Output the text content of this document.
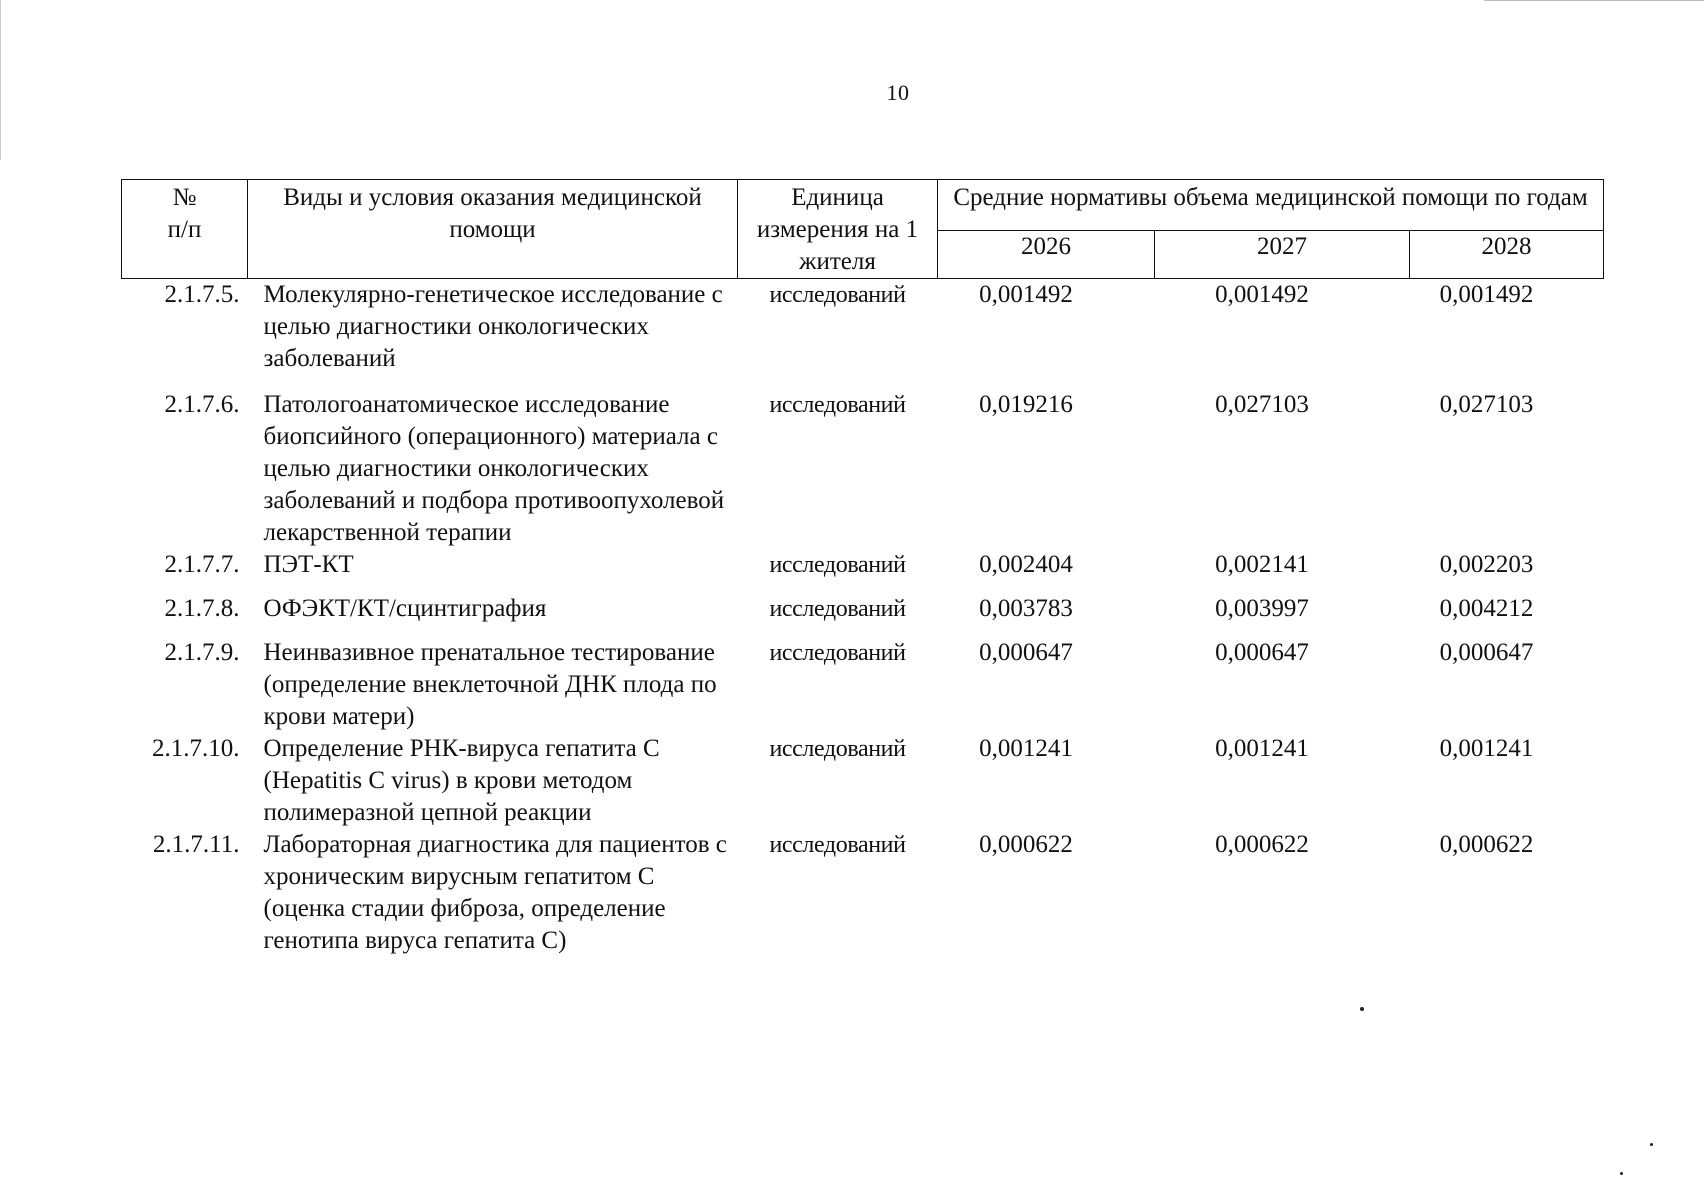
10
№
п/п	Виды и условия оказания медицинской помощи	Единица измерения на 1 жителя	Средние нормативы объема медицинской помощи по годам		
			2026	2027	2028
2.1.7.5.	Молекулярно-генетическое исследование с целью диагностики онкологических заболеваний	исследований	0,001492	0,001492	0,001492
2.1.7.6.	Патологоанатомическое исследование биопсийного (операционного) материала с целью диагностики онкологических заболеваний и подбора противоопухолевой лекарственной терапии	исследований	0,019216	0,027103	0,027103
2.1.7.7.	ПЭТ-КТ	исследований	0,002404	0,002141	0,002203
2.1.7.8.	ОФЭКТ/КТ/сцинтиграфия	исследований	0,003783	0,003997	0,004212
2.1.7.9.	Неинвазивное пренатальное тестирование (определение внеклеточной ДНК плода по крови матери)	исследований	0,000647	0,000647	0,000647
2.1.7.10.	Определение РНК-вируса гепатита C (Hepatitis C virus) в крови методом полимеразной цепной реакции	исследований	0,001241	0,001241	0,001241
2.1.7.11.	Лабораторная диагностика для пациентов с хроническим вирусным гепатитом C (оценка стадии фиброза, определение генотипа вируса гепатита C)	исследований	0,000622	0,000622	0,000622
